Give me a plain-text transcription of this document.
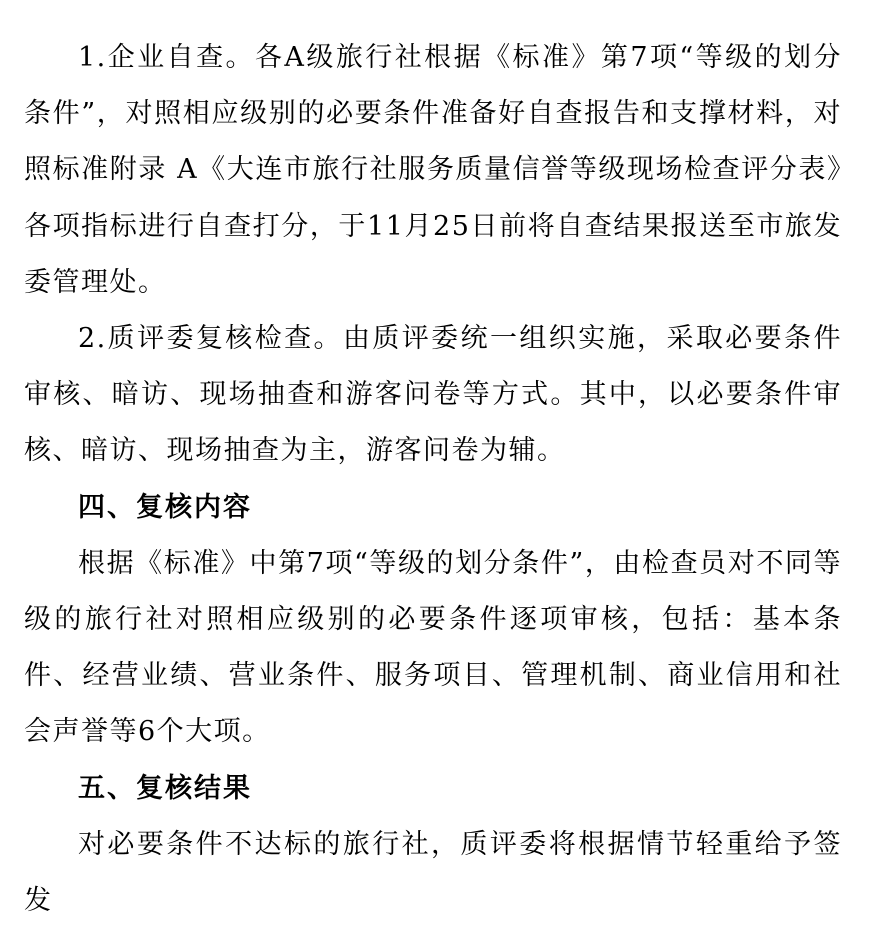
1.企业自查。各A级旅行社根据《标准》第7项“等级的划分条件”，对照相应级别的必要条件准备好自查报告和支撑材料，对照标准附录 A《大连市旅行社服务质量信誉等级现场检查评分表》各项指标进行自查打分，于11月25日前将自查结果报送至市旅发委管理处。

2.质评委复核检查。由质评委统一组织实施，采取必要条件审核、暗访、现场抽查和游客问卷等方式。其中，以必要条件审核、暗访、现场抽查为主，游客问卷为辅。

四、复核内容

根据《标准》中第7项“等级的划分条件”，由检查员对不同等级的旅行社对照相应级别的必要条件逐项审核，包括：基本条件、经营业绩、营业条件、服务项目、管理机制、商业信用和社会声誉等6个大项。

五、复核结果

对必要条件不达标的旅行社，质评委将根据情节轻重给予签发
